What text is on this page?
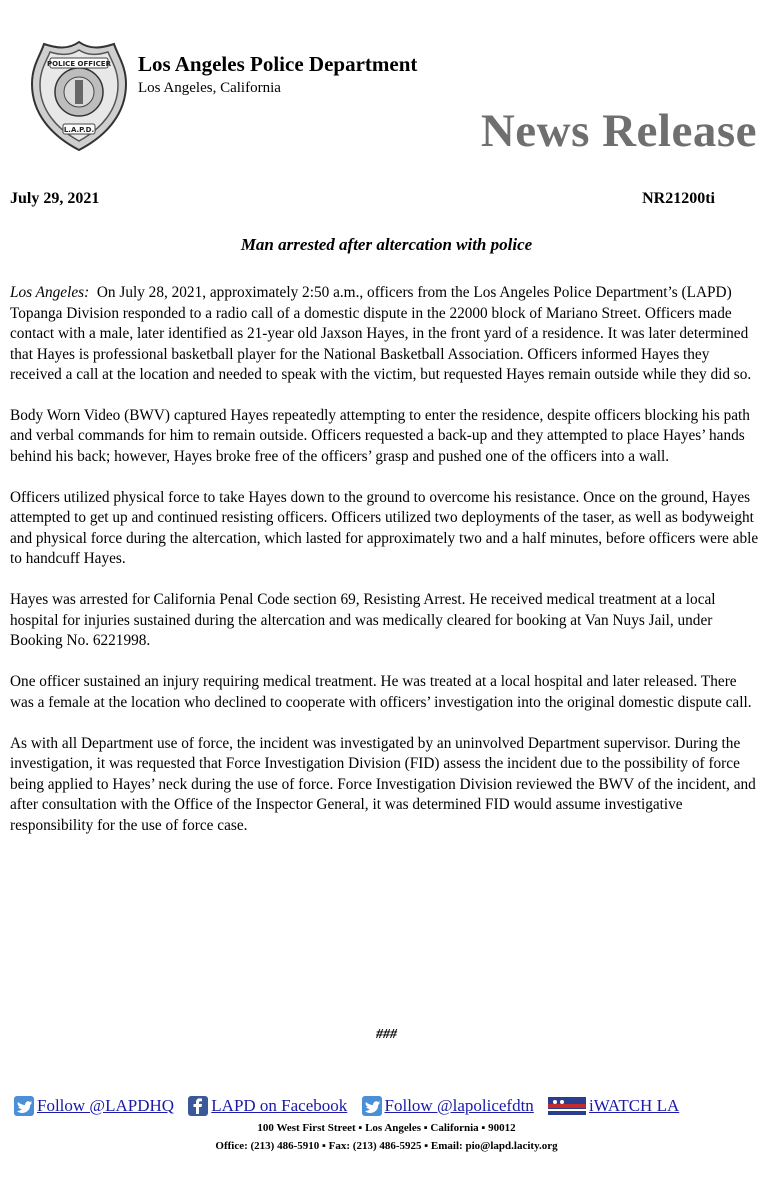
POLICE OFFICER
L.A.P.D.
Los Angeles Police Department
Los Angeles, California
News Release
July 29, 2021	NR21200ti
Man arrested after altercation with police

Los Angeles: On July 28, 2021, approximately 2:50 a.m., officers from the Los Angeles Police Department’s (LAPD) Topanga Division responded to a radio call of a domestic dispute in the 22000 block of Mariano Street. Officers made contact with a male, later identified as 21-year old Jaxson Hayes, in the front yard of a residence. It was later determined that Hayes is professional basketball player for the National Basketball Association. Officers informed Hayes they received a call at the location and needed to speak with the victim, but requested Hayes remain outside while they did so.

Body Worn Video (BWV) captured Hayes repeatedly attempting to enter the residence, despite officers blocking his path and verbal commands for him to remain outside. Officers requested a back-up and they attempted to place Hayes’ hands behind his back; however, Hayes broke free of the officers’ grasp and pushed one of the officers into a wall.

Officers utilized physical force to take Hayes down to the ground to overcome his resistance. Once on the ground, Hayes attempted to get up and continued resisting officers. Officers utilized two deployments of the taser, as well as bodyweight and physical force during the altercation, which lasted for approximately two and a half minutes, before officers were able to handcuff Hayes.

Hayes was arrested for California Penal Code section 69, Resisting Arrest. He received medical treatment at a local hospital for injuries sustained during the altercation and was medically cleared for booking at Van Nuys Jail, under Booking No. 6221998.

One officer sustained an injury requiring medical treatment. He was treated at a local hospital and later released. There was a female at the location who declined to cooperate with officers’ investigation into the original domestic dispute call.

As with all Department use of force, the incident was investigated by an uninvolved Department supervisor. During the investigation, it was requested that Force Investigation Division (FID) assess the incident due to the possibility of force being applied to Hayes’ neck during the use of force. Force Investigation Division reviewed the BWV of the incident, and after consultation with the Office of the Inspector General, it was determined FID would assume investigative responsibility for the use of force case.

###
Follow @LAPDHQ LAPD on Facebook Follow @lapolicefdtn	iWATCH LA
100 West First Street ▪ Los Angeles ▪ California ▪ 90012
Office: (213) 486-5910 ▪ Fax: (213) 486-5925 ▪ Email: pio@lapd.lacity.org
